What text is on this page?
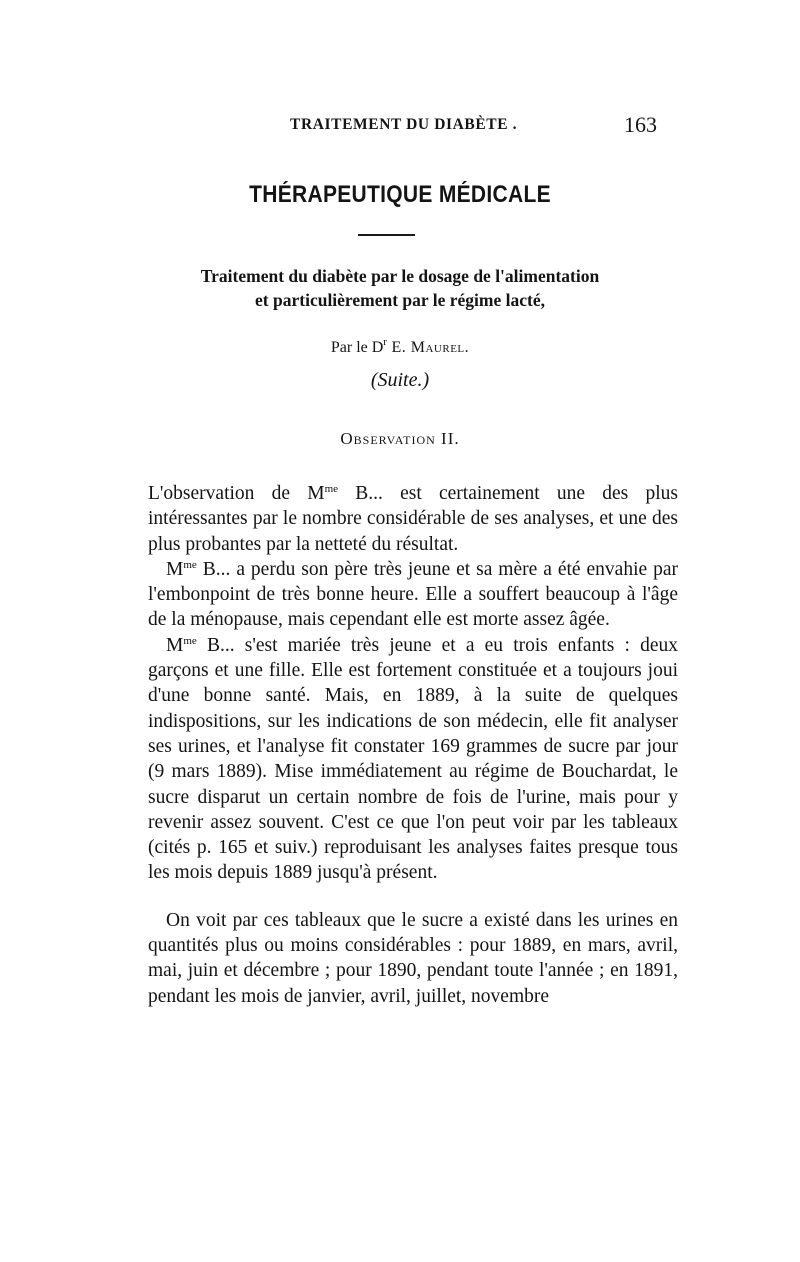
TRAITEMENT DU DIABÈTE .	163
THÉRAPEUTIQUE MÉDICALE
Traitement du diabète par le dosage de l'alimentation
et particulièrement par le régime lacté,
Par le $D^r$ E. Maurel.
(Suite.)
Observation II.

L'observation de $M^{me}$ B... est certainement une des plus intéressantes par le nombre considérable de ses analyses, et une des plus probantes par la netteté du résultat.

$M^{me}$ B... a perdu son père très jeune et sa mère a été envahie par l'embonpoint de très bonne heure. Elle a souffert beaucoup à l'âge de la ménopause, mais cependant elle est morte assez âgée.

$M^{me}$ B... s'est mariée très jeune et a eu trois enfants : deux garçons et une fille. Elle est fortement constituée et a toujours joui d'une bonne santé. Mais, en 1889, à la suite de quelques indispositions, sur les indications de son médecin, elle fit analyser ses urines, et l'analyse fit constater 169 grammes de sucre par jour (9 mars 1889). Mise immédiatement au régime de Bouchardat, le sucre disparut un certain nombre de fois de l'urine, mais pour y revenir assez souvent. C'est ce que l'on peut voir par les tableaux (cités p. 165 et suiv.) reproduisant les analyses faites presque tous les mois depuis 1889 jusqu'à présent.

On voit par ces tableaux que le sucre a existé dans les urines en quantités plus ou moins considérables : pour 1889, en mars, avril, mai, juin et décembre ; pour 1890, pendant toute l'année ; en 1891, pendant les mois de janvier, avril, juillet, novembre
